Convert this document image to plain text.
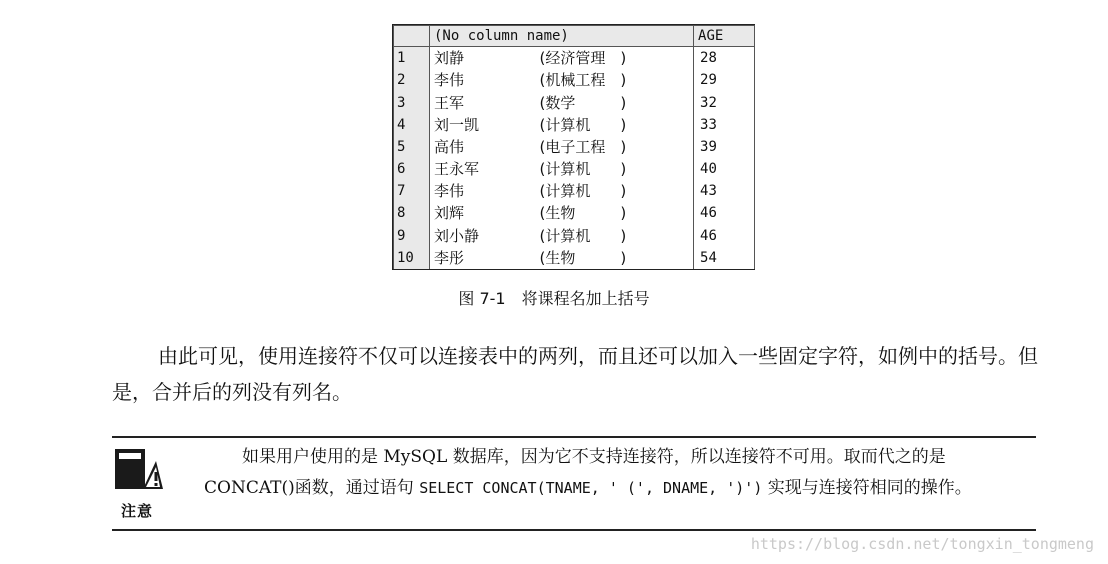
	(No column name)		AGE
1	刘静	(经济管理　)	28
2	李伟	(机械工程　)	29
3	王军	(数学　　　)	32
4	刘一凯	(计算机　　)	33
5	高伟	(电子工程　)	39
6	王永军	(计算机　　)	40
7	李伟	(计算机　　)	43
8	刘辉	(生物　　　)	46
9	刘小静	(计算机　　)	46
10	李彤	(生物　　　)	54
图 7-1　将课程名加上括号
由此可见，使用连接符不仅可以连接表中的两列，而且还可以加入一些固定字符，如例中的括号。但是，合并后的列没有列名。
注意
如果用户使用的是 MySQL 数据库，因为它不支持连接符，所以连接符不可用。取而代之的是 CONCAT()函数，通过语句 SELECT CONCAT(TNAME, ' (', DNAME, ')') 实现与连接符相同的操作。
https://blog.csdn.net/tongxin_tongmeng
